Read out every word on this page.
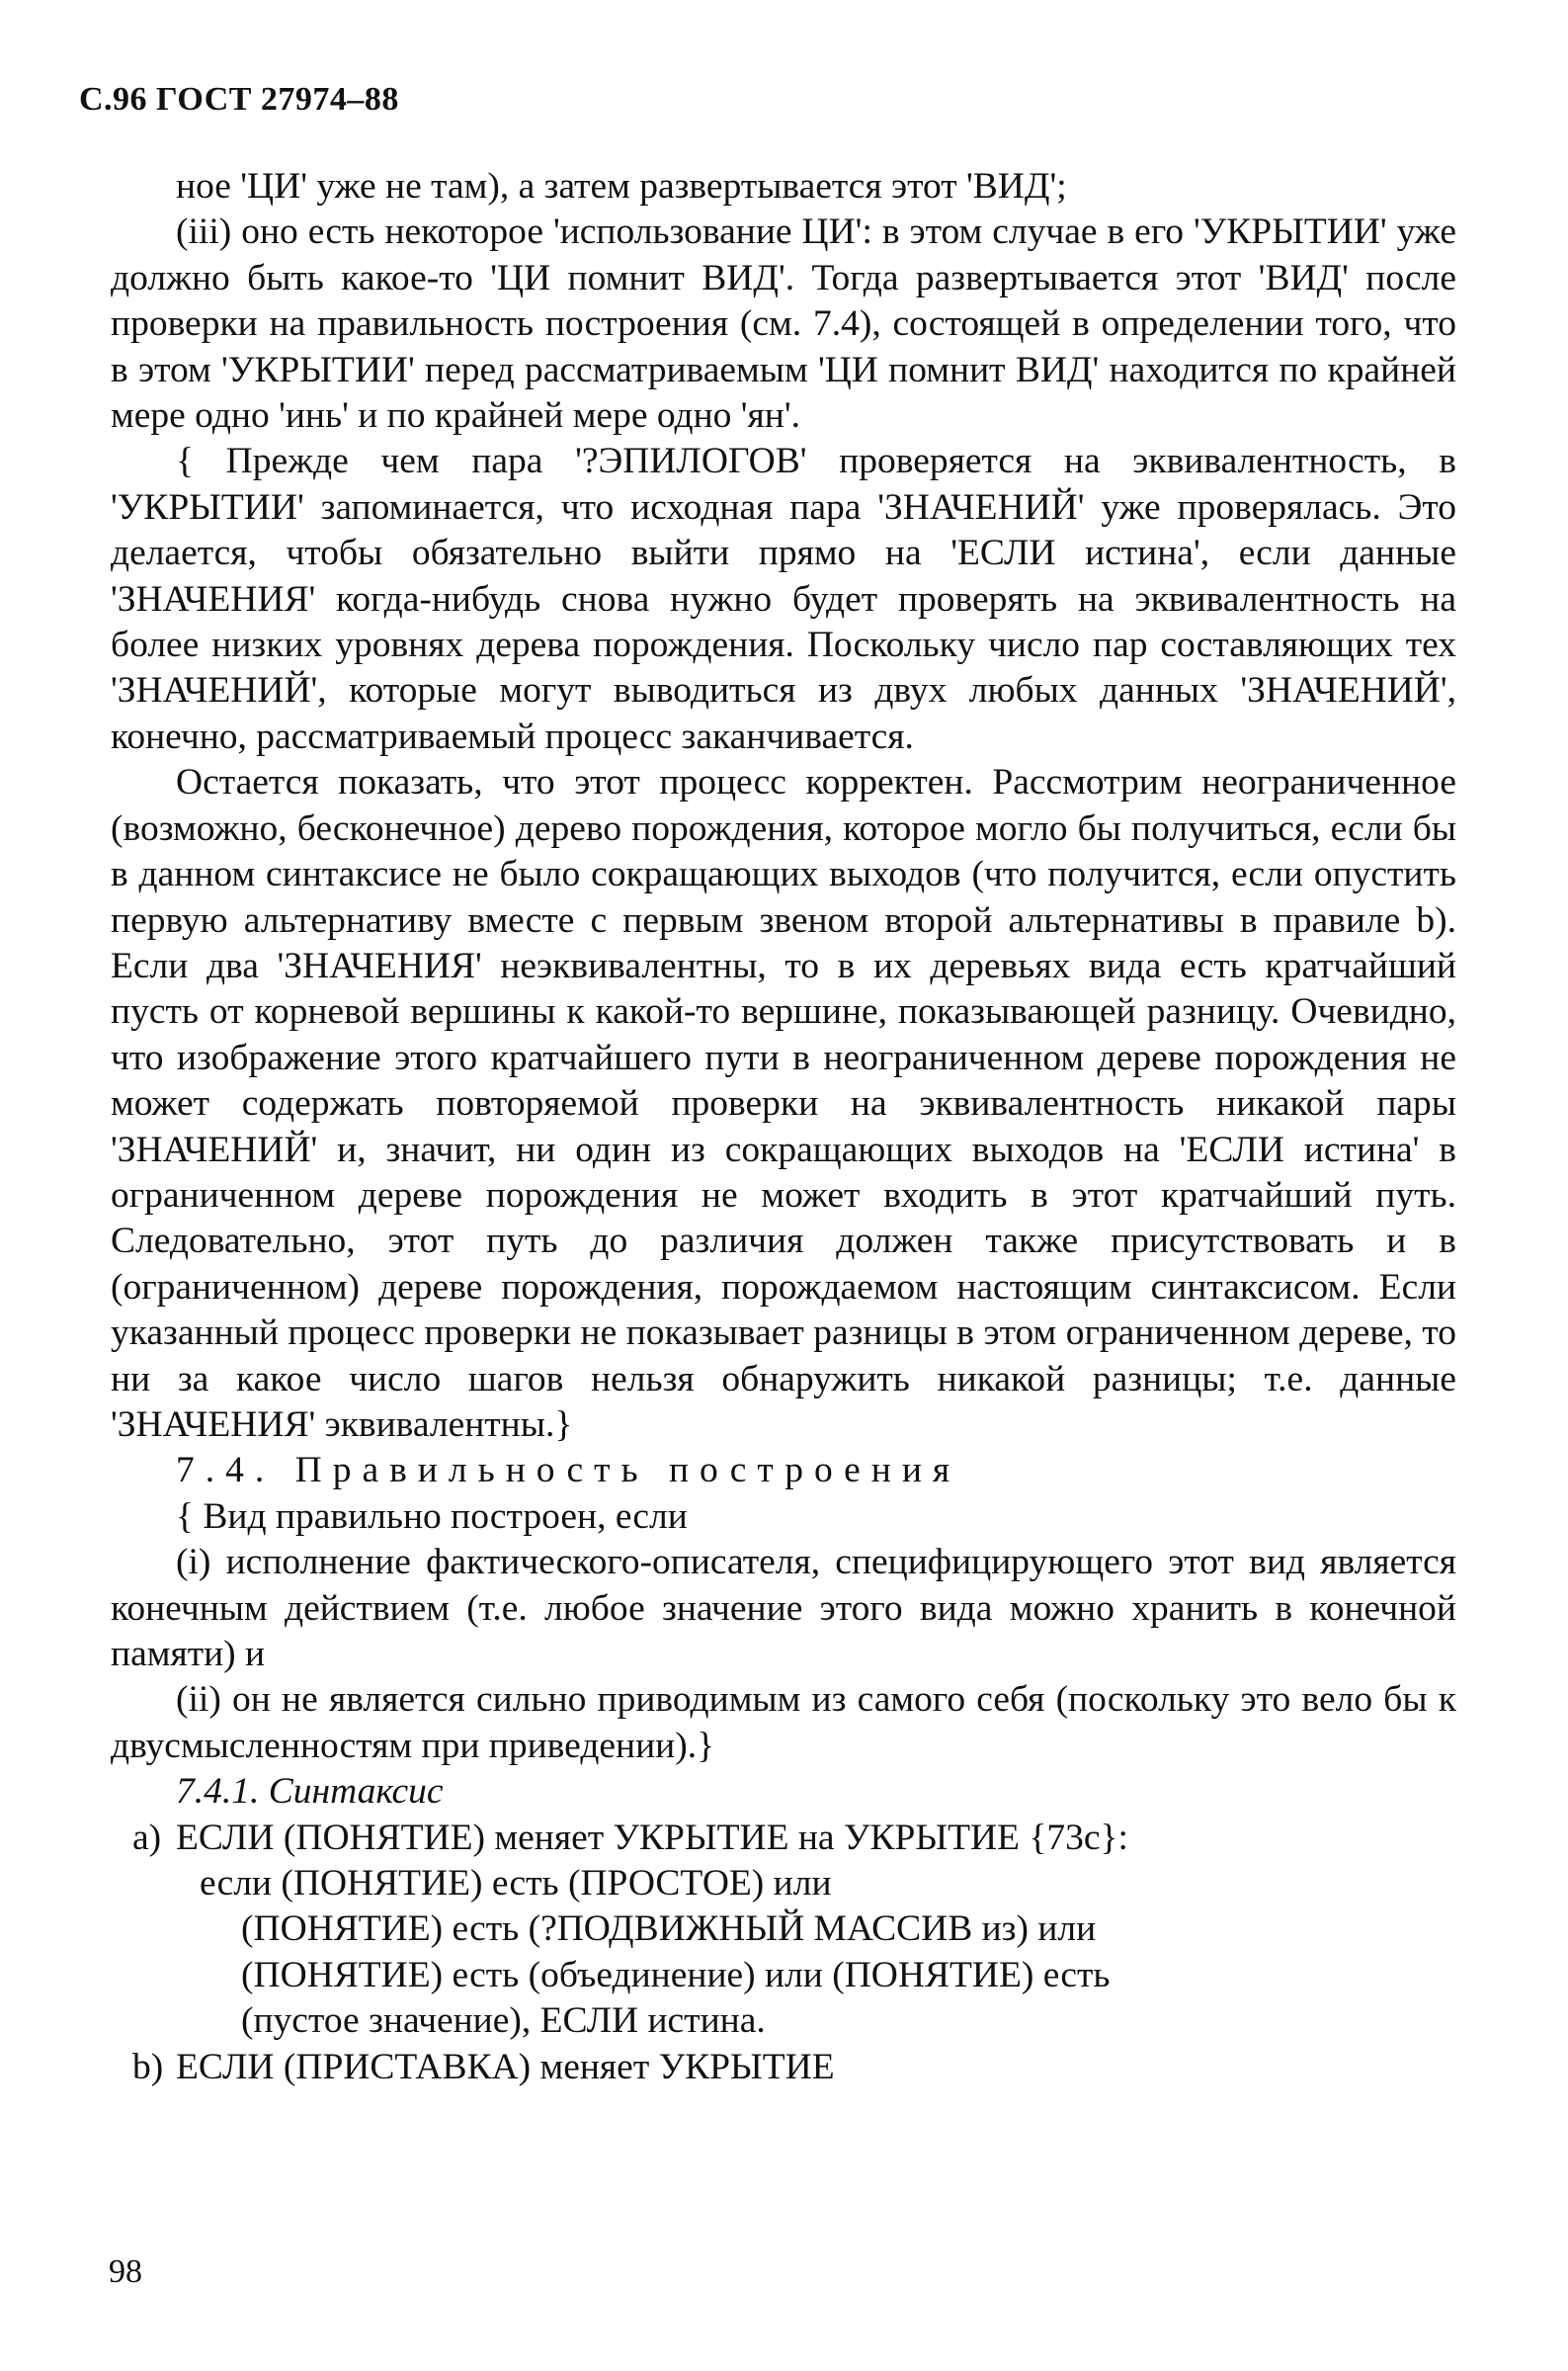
С.96 ГОСТ 27974–88

ное 'ЦИ' уже не там), а затем развертывается этот 'ВИД';

(iii) оно есть некоторое 'использование ЦИ': в этом случае в его 'УКРЫТИИ' уже должно быть какое-то 'ЦИ помнит ВИД'. Тогда развертывается этот 'ВИД' после проверки на правильность построения (см. 7.4), состоящей в определении того, что в этом 'УКРЫТИИ' перед рассматриваемым 'ЦИ помнит ВИД' находится по крайней мере одно 'инь' и по крайней мере одно 'ян'.

{ Прежде чем пара '?ЭПИЛОГОВ' проверяется на эквивалентность, в 'УКРЫТИИ' запоминается, что исходная пара 'ЗНАЧЕНИЙ' уже проверялась. Это делается, чтобы обязательно выйти прямо на 'ЕСЛИ истина', если данные 'ЗНАЧЕНИЯ' когда-нибудь снова нужно будет проверять на эквивалентность на более низких уровнях дерева порождения. Поскольку число пар составляющих тех 'ЗНАЧЕНИЙ', которые могут выводиться из двух любых данных 'ЗНАЧЕНИЙ', конечно, рассматриваемый процесс заканчивается.

Остается показать, что этот процесс корректен. Рассмотрим неограниченное (возможно, бесконечное) дерево порождения, которое могло бы получиться, если бы в данном синтаксисе не было сокращающих выходов (что получится, если опустить первую альтернативу вместе с первым звеном второй альтернативы в правиле b). Если два 'ЗНАЧЕНИЯ' неэквивалентны, то в их деревьях вида есть кратчайший пусть от корневой вершины к какой-то вершине, показывающей разницу. Очевидно, что изображение этого кратчайшего пути в неограниченном дереве порождения не может содержать повторяемой проверки на эквивалентность никакой пары 'ЗНАЧЕНИЙ' и, значит, ни один из сокращающих выходов на 'ЕСЛИ истина' в ограниченном дереве порождения не может входить в этот кратчайший путь. Следовательно, этот путь до различия должен также присутствовать и в (ограниченном) дереве порождения, порождаемом настоящим синтаксисом. Если указанный процесс проверки не показывает разницы в этом ограниченном дереве, то ни за какое число шагов нельзя обнаружить никакой разницы; т.е. данные 'ЗНАЧЕНИЯ' эквивалентны.}

7.4. Правильность построения

{ Вид правильно построен, если

(i) исполнение фактического-описателя, специфицирующего этот вид является конечным действием (т.е. любое значение этого вида можно хранить в конечной памяти) и

(ii) он не является сильно приводимым из самого себя (поскольку это вело бы к двусмысленностям при приведении).}

7.4.1. Синтаксис

a) ЕСЛИ (ПОНЯТИЕ) меняет УКРЫТИЕ на УКРЫТИЕ {73c}:

если (ПОНЯТИЕ) есть (ПРОСТОЕ) или

(ПОНЯТИЕ) есть (?ПОДВИЖНЫЙ МАССИВ из) или

(ПОНЯТИЕ) есть (объединение) или (ПОНЯТИЕ) есть

(пустое значение), ЕСЛИ истина.

b) ЕСЛИ (ПРИСТАВКА) меняет УКРЫТИЕ
98
